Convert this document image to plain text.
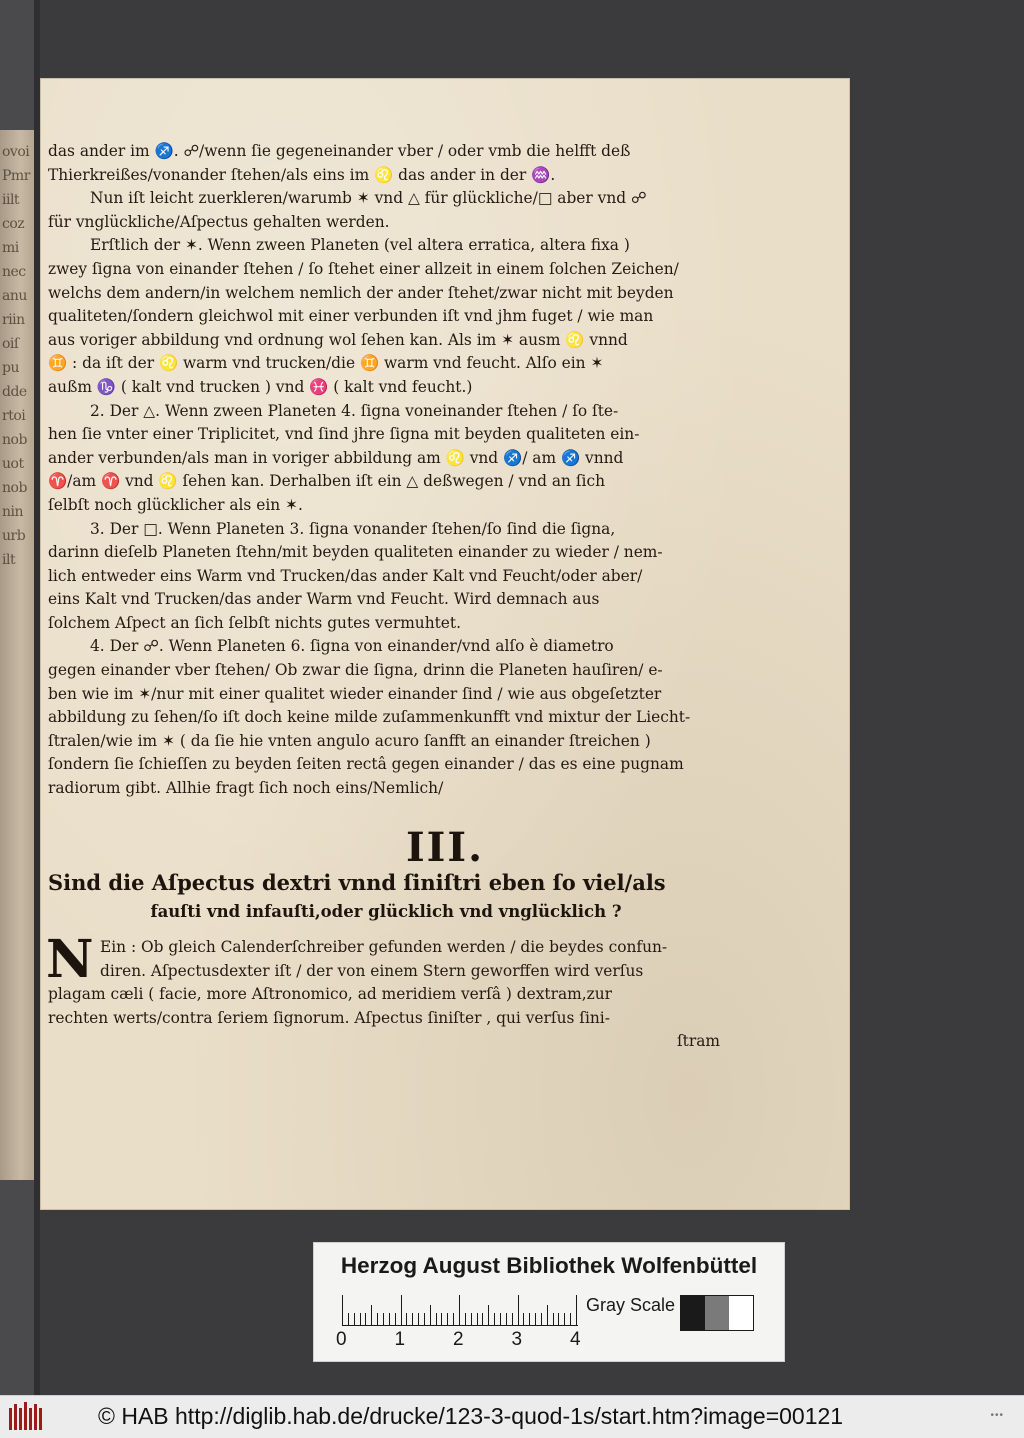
ovoi
Pmr
iilt
coz
mi
nec
anu
riin
oiſ
pu
dde
rtoi
nob
uot
nob
nin
urb
ilt
das ander im ♐. ☍/wenn ſie gegeneinander vber / oder vmb die helfft deß
Thierkreißes/vonander ſtehen/als eins im ♌ das ander in der ♒.
Nun iſt leicht zuerkleren/warumb ✶ vnd △ für glückliche/□ aber vnd ☍
für vnglückliche/Aſpectus gehalten werden.
Erſtlich der ✶. Wenn zween Planeten (vel altera erratica, altera fixa )
zwey ſigna von einander ſtehen / ſo ſtehet einer allzeit in einem ſolchen Zeichen/
welchs dem andern/in welchem nemlich der ander ſtehet/zwar nicht mit beyden
qualiteten/ſondern gleichwol mit einer verbunden iſt vnd jhm fuget / wie man
aus voriger abbildung vnd ordnung wol ſehen kan. Als im ✶ ausm ♌ vnnd
♊ : da iſt der ♌ warm vnd trucken/die ♊ warm vnd feucht. Alſo ein ✶
außm ♑ ( kalt vnd trucken ) vnd ♓ ( kalt vnd feucht.)
2. Der △. Wenn zween Planeten 4. ſigna voneinander ſtehen / ſo ſte-
hen ſie vnter einer Triplicitet, vnd ſind jhre ſigna mit beyden qualiteten ein-
ander verbunden/als man in voriger abbildung am ♌ vnd ♐/ am ♐ vnnd
♈/am ♈ vnd ♌ ſehen kan. Derhalben iſt ein △ deßwegen / vnd an ſich
ſelbſt noch glücklicher als ein ✶.
3. Der □. Wenn Planeten 3. ſigna vonander ſtehen/ſo ſind die ſigna,
darinn dieſelb Planeten ſtehn/mit beyden qualiteten einander zu wieder / nem-
lich entweder eins Warm vnd Trucken/das ander Kalt vnd Feucht/oder aber/
eins Kalt vnd Trucken/das ander Warm vnd Feucht. Wird demnach aus
ſolchem Aſpect an ſich ſelbſt nichts gutes vermuhtet.
4. Der ☍. Wenn Planeten 6. ſigna von einander/vnd alſo è diametro
gegen einander vber ſtehen/ Ob zwar die ſigna, drinn die Planeten hauſiren/ e-
ben wie im ✶/nur mit einer qualitet wieder einander ſind / wie aus obgeſetzter
abbildung zu ſehen/ſo iſt doch keine milde zuſammenkunfft vnd mixtur der Liecht-
ſtralen/wie im ✶ ( da ſie hie vnten angulo acuro ſanfft an einander ſtreichen )
ſondern ſie ſchieſſen zu beyden ſeiten rectâ gegen einander / das es eine pugnam
radiorum gibt. Allhie fragt ſich noch eins/Nemlich/
III.
Sind die Aſpectus dextri vnnd ſiniſtri eben ſo viel/als
fauſti vnd infauſti,oder glücklich vnd vnglücklich ?
N Ein : Ob gleich Calenderſchreiber gefunden werden / die beydes confun-
diren. Aſpectusdexter iſt / der von einem Stern geworffen wird verſus
plagam cæli ( facie, more Aſtronomico, ad meridiem verſâ ) dextram,zur
rechten werts/contra ſeriem ſignorum. Aſpectus ſiniſter , qui verſus ſini-
ſtram
Herzog August Bibliothek Wolfenbüttel
0	1	2	3	4
Gray Scale
© HAB http://diglib.hab.de/drucke/123-3-quod-1s/start.htm?image=00121	•••
